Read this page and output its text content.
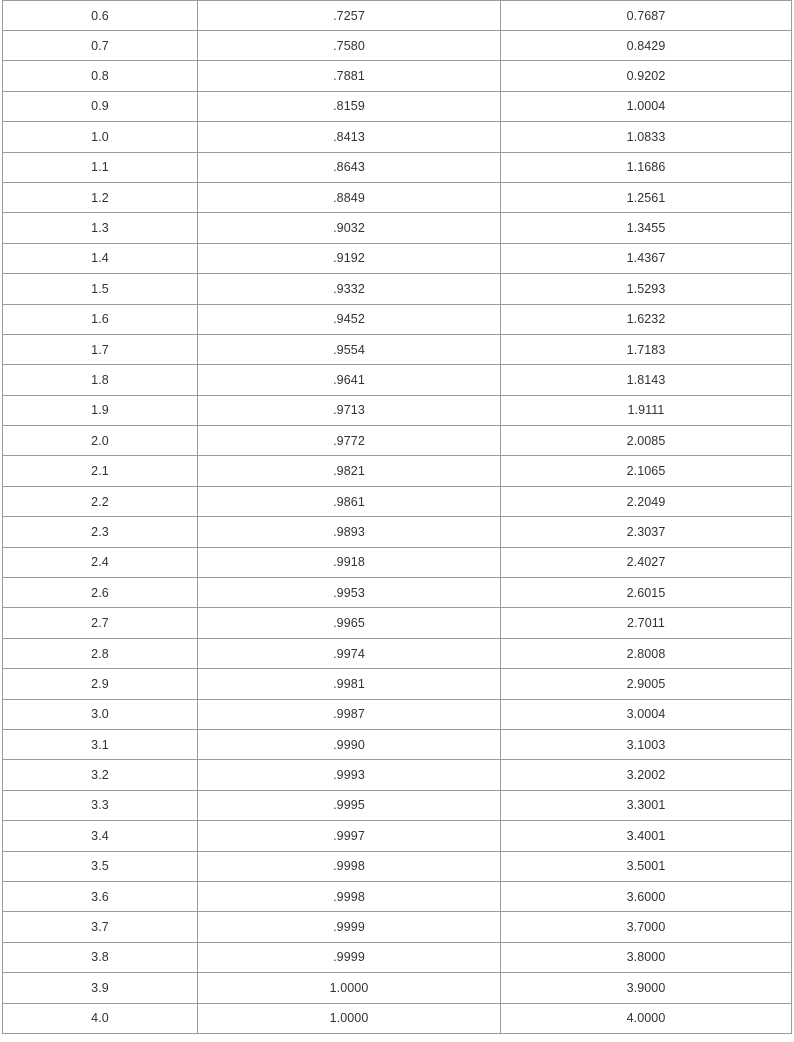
0.6	.7257	0.7687
0.7	.7580	0.8429
0.8	.7881	0.9202
0.9	.8159	1.0004
1.0	.8413	1.0833
1.1	.8643	1.1686
1.2	.8849	1.2561
1.3	.9032	1.3455
1.4	.9192	1.4367
1.5	.9332	1.5293
1.6	.9452	1.6232
1.7	.9554	1.7183
1.8	.9641	1.8143
1.9	.9713	1.9111
2.0	.9772	2.0085
2.1	.9821	2.1065
2.2	.9861	2.2049
2.3	.9893	2.3037
2.4	.9918	2.4027
2.6	.9953	2.6015
2.7	.9965	2.7011
2.8	.9974	2.8008
2.9	.9981	2.9005
3.0	.9987	3.0004
3.1	.9990	3.1003
3.2	.9993	3.2002
3.3	.9995	3.3001
3.4	.9997	3.4001
3.5	.9998	3.5001
3.6	.9998	3.6000
3.7	.9999	3.7000
3.8	.9999	3.8000
3.9	1.0000	3.9000
4.0	1.0000	4.0000
